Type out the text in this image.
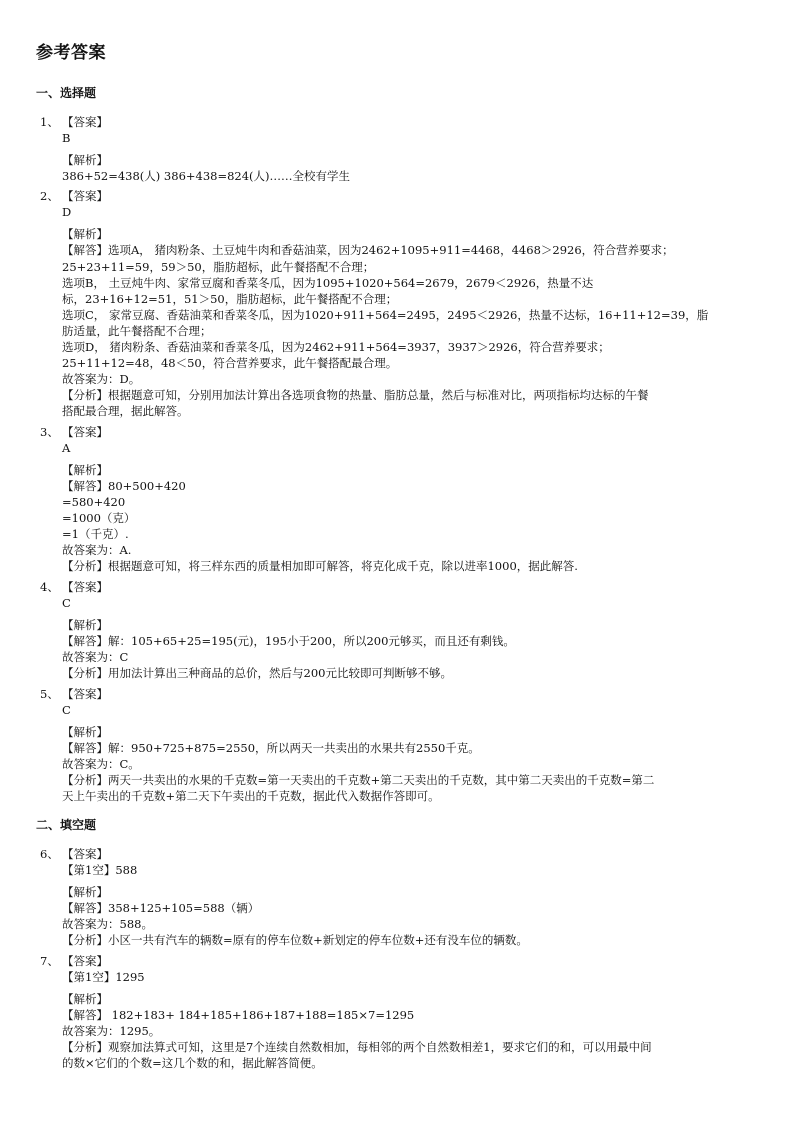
参考答案
一、选择题
1、 【答案】
B
【解析】
386+52=438(人) 386+438=824(人)……全校有学生
2、 【答案】
D
【解析】
【解答】选项A， 猪肉粉条、土豆炖牛肉和香菇油菜，因为2462+1095+911=4468，4468＞2926，符合营养要求；
25+23+11=59，59＞50，脂肪超标，此午餐搭配不合理；
选项B， 土豆炖牛肉、家常豆腐和香菜冬瓜，因为1095+1020+564=2679，2679＜2926，热量不达
标，23+16+12=51，51＞50，脂肪超标，此午餐搭配不合理；
选项C， 家常豆腐、香菇油菜和香菜冬瓜，因为1020+911+564=2495，2495＜2926，热量不达标，16+11+12=39，脂
肪适量，此午餐搭配不合理；
选项D， 猪肉粉条、香菇油菜和香菜冬瓜，因为2462+911+564=3937，3937＞2926，符合营养要求；
25+11+12=48，48＜50，符合营养要求，此午餐搭配最合理。
故答案为：D。
【分析】根据题意可知，分别用加法计算出各选项食物的热量、脂肪总量，然后与标准对比，两项指标均达标的午餐
搭配最合理，据此解答。
3、 【答案】
A
【解析】
【解答】80+500+420
=580+420
=1000（克）
=1（千克）.
故答案为：A.
【分析】根据题意可知，将三样东西的质量相加即可解答，将克化成千克，除以进率1000，据此解答.
4、 【答案】
C
【解析】
【解答】解：105+65+25=195(元)，195小于200，所以200元够买，而且还有剩钱。
故答案为：C
【分析】用加法计算出三种商品的总价，然后与200元比较即可判断够不够。
5、 【答案】
C
【解析】
【解答】解：950+725+875=2550，所以两天一共卖出的水果共有2550千克。
故答案为：C。
【分析】两天一共卖出的水果的千克数=第一天卖出的千克数+第二天卖出的千克数，其中第二天卖出的千克数=第二
天上午卖出的千克数+第二天下午卖出的千克数，据此代入数据作答即可。
二、填空题
6、 【答案】
【第1空】588
【解析】
【解答】358+125+105=588（辆）
故答案为：588。
【分析】小区一共有汽车的辆数=原有的停车位数+新划定的停车位数+还有没车位的辆数。
7、 【答案】
【第1空】1295
【解析】
【解答】 182+183+ 184+185+186+187+188=185×7=1295
故答案为：1295。
【分析】观察加法算式可知，这里是7个连续自然数相加，每相邻的两个自然数相差1，要求它们的和，可以用最中间
的数×它们的个数=这几个数的和，据此解答简便。
